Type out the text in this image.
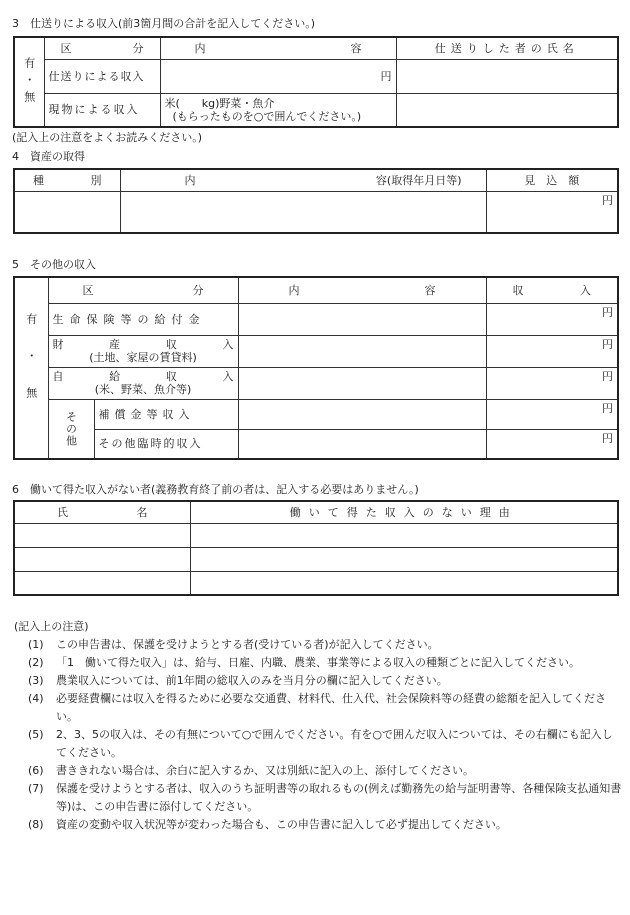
3　仕送りによる収入(前3箇月間の合計を記入してください。)
有・無	区 分	内 容	仕送りした者の氏名
	仕送りによる収入	円	
	現物による収入	米(　　kg)野菜・魚介
(もらったものを○で囲んでください。)	

(記入上の注意をよくお読みください。)
4　資産の取得
種 別	内 容(取得年月日等)	見　込　額
		円
5　その他の収入
有・無	区 分		内 容	収 入

	生命保険等の給付金			円

	財 産 収 入
(土地、家屋の賃貸料)			円

	自 給 収 入
(米、野菜、魚介等)			円

	その他	補償金等収入		円
		その他臨時的収入		円
6　働いて得た収入がない者(義務教育終了前の者は、記入する必要はありません。)
氏 名	働いて得た収入のない理由

(記入上の注意)
(1)	この申告書は、保護を受けようとする者(受けている者)が記入してください。
(2)	「1　働いて得た収入」は、給与、日雇、内職、農業、事業等による収入の種類ごとに記入してください。
(3)	農業収入については、前1年間の総収入のみを当月分の欄に記入してください。
(4)	必要経費欄には収入を得るために必要な交通費、材料代、仕入代、社会保険料等の経費の総額を記入してください。
(5)	2、3、5の収入は、その有無について○で囲んでください。有を○で囲んだ収入については、その右欄にも記入してください。
(6)	書ききれない場合は、余白に記入するか、又は別紙に記入の上、添付してください。
(7)	保護を受けようとする者は、収入のうち証明書等の取れるもの(例えば勤務先の給与証明書等、各種保険支払通知書等)は、この申告書に添付してください。
(8)	資産の変動や収入状況等が変わった場合も、この申告書に記入して必ず提出してください。
